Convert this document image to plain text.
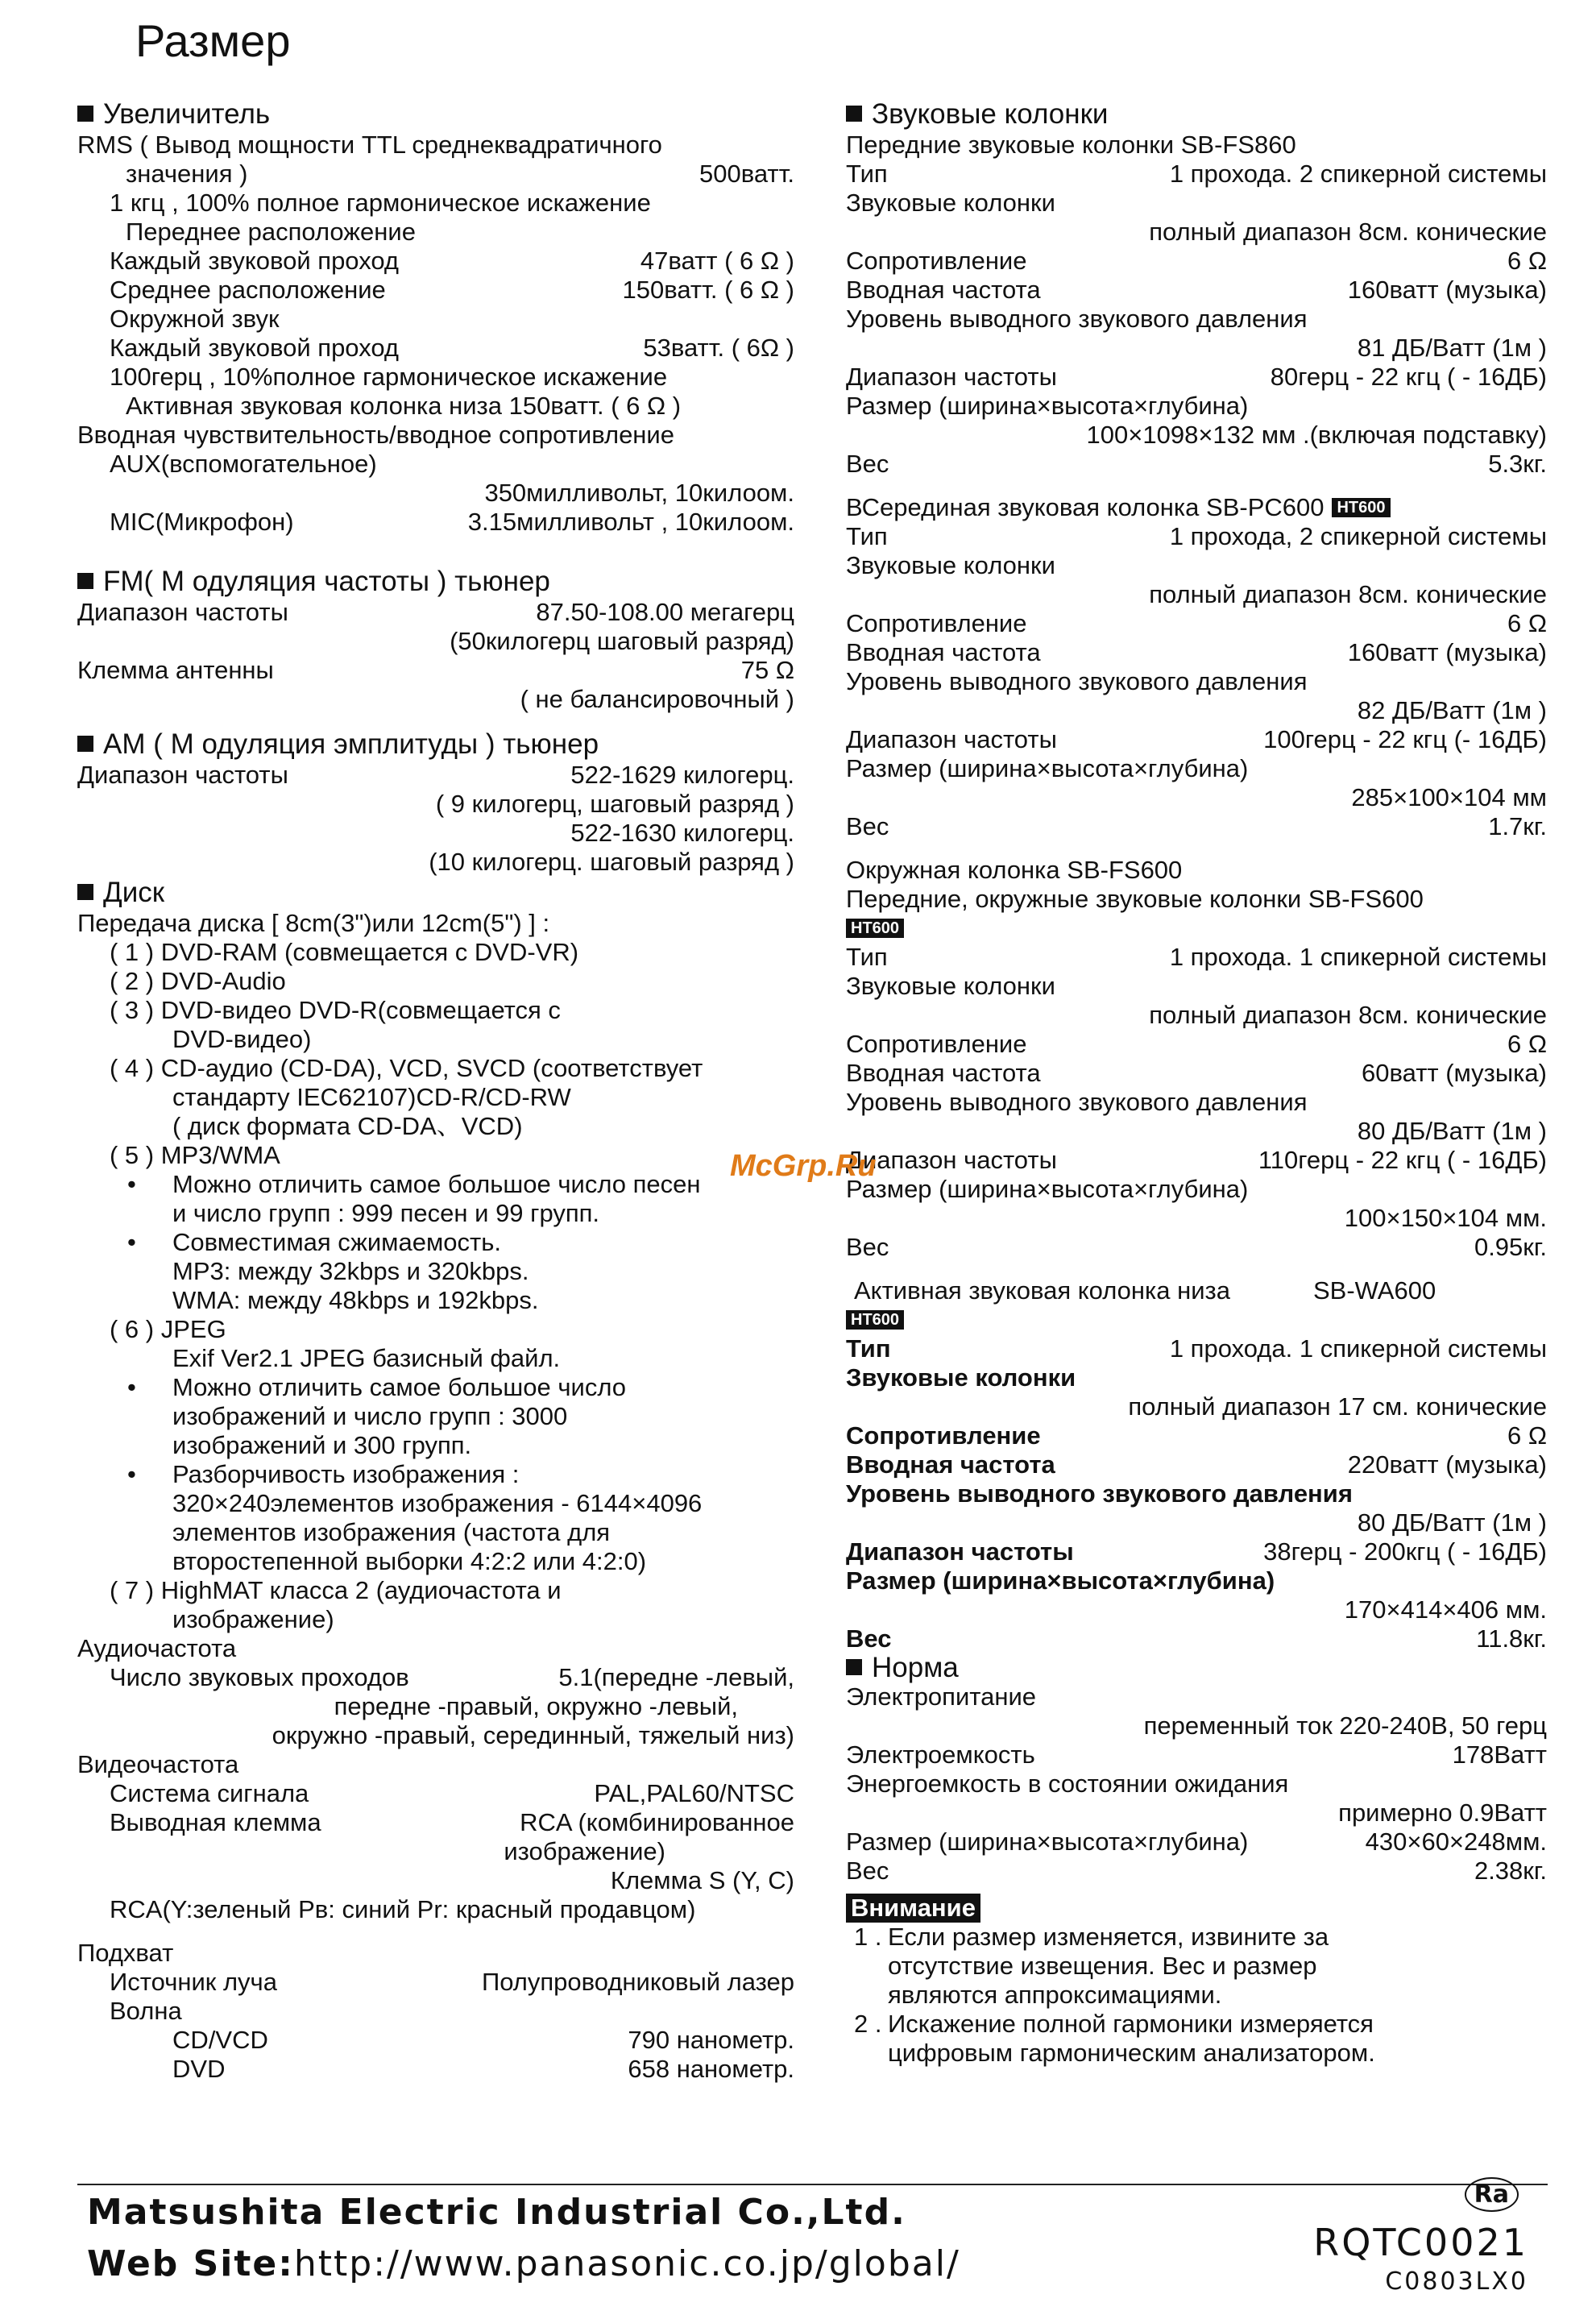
Размер
Увеличитель
RMS ( Вывод мощности TTL среднеквадратичного
значения )	500ватт.
1 кгц , 100% полное гармоническое искажение
Переднее расположение
Каждый звуковой проход	47ватт ( 6 Ω )
Среднее расположение	150ватт. ( 6 Ω )
Окружной звук
Каждый звуковой проход	53ватт. ( 6Ω )
100герц , 10%полное гармоническое искажение
Активная звуковая колонка низа 150ватт. ( 6 Ω )
Вводная чувствительность/вводное сопротивление
AUX(вспомогательное)
350милливольт, 10килоом.
MIC(Микрофон)	3.15милливольт , 10килоом.
FM( М одуляция частоты ) тьюнер
Диапазон частоты	87.50-108.00 мегагерц
(50килогерц шаговый разряд)
Клемма антенны	75 Ω
( не балансировочный )
AM ( М одуляция эмплитуды ) тьюнер
Диапазон частоты	522-1629 килогерц.
( 9 килогерц, шаговый разряд )
522-1630 килогерц.
(10 килогерц. шаговый разряд )
Диск
Передача диска [ 8cm(3")или 12cm(5") ] :
( 1 ) DVD-RAM (совмещается с DVD-VR)
( 2 ) DVD-Audio
( 3 ) DVD-видео DVD-R(совмещается с
DVD-видео)
( 4 ) CD-аудио (CD-DA), VCD, SVCD (соответствует
стандарту IEC62107)CD-R/CD-RW
( диск формата CD-DA、VCD)
( 5 ) MP3/WMA
• Можно отличить самое большое число песен
и число групп : 999 песен и 99 групп.
• Совместимая сжимаемость.
MP3: между 32kbps и 320kbps.
WMA: между 48kbps и 192kbps.
( 6 ) JPEG
Exif Ver2.1 JPEG базисный файл.
• Можно отличить самое большое число
изображений и число групп : 3000
изображений и 300 групп.
• Разборчивость изображения :
320×240элементов изображения - 6144×4096
элементов изображения (частота для
второстепенной выборки 4:2:2 или 4:2:0)
( 7 ) HighMAT класса 2 (аудиочастота и
изображение)
Аудиочастота
Число звуковых проходов	5.1(передне -левый,
передне -правый, окружно -левый,
окружно -правый, серединный, тяжелый низ)
Видеочастота
Система сигнала	PAL,PAL60/NTSC
Выводная клемма	RCA (комбинированное
изображение)
Клемма S (Y, C)
RCA(Y:зеленый Pв: синий Pr: красный продавцом)
Подхват
Источник луча	Полупроводниковый лазер
Волна
CD/VCD	790 нанометр.
DVD	658 нанометр.
Звуковые колонки
Передние звуковые колонки SB-FS860
Тип	1 прохода. 2 спикерной системы
Звуковые колонки
полный диапазон 8см. конические
Сопротивление	6 Ω
Вводная частота	160ватт (музыка)
Уровень выводного звукового давления
81 ДБ/Ватт (1м )
Диапазон частоты	80герц - 22 кгц ( - 16ДБ)
Размер (ширина×высота×глубина)
100×1098×132 мм .(включая подставку)
Вес	5.3кг.
ВСерединая звуковая колонка SB-PC600 HT600
Тип	1 прохода, 2 спикерной системы
Звуковые колонки
полный диапазон 8см. конические
Сопротивление	6 Ω
Вводная частота	160ватт (музыка)
Уровень выводного звукового давления
82 ДБ/Ватт (1м )
Диапазон частоты	100герц - 22 кгц (- 16ДБ)
Размер (ширина×высота×глубина)
285×100×104 мм
Вес	1.7кг.
Окружная колонка SB-FS600
Передние, окружные звуковые колонки SB-FS600
HT600
Тип	1 прохода. 1 спикерной системы
Звуковые колонки
полный диапазон 8см. конические
Сопротивление	6 Ω
Вводная частота	60ватт (музыка)
Уровень выводного звукового давления
80 ДБ/Ватт (1м )
Диапазон частоты	110герц - 22 кгц ( - 16ДБ)
Размер (ширина×высота×глубина)
100×150×104 мм.
Вес	0.95кг.
Активная звуковая колонка низа	SB-WA600
HT600
Тип	1 прохода. 1 спикерной системы
Звуковые колонки
полный диапазон 17 см. конические
Сопротивление	6 Ω
Вводная частота	220ватт (музыка)
Уровень выводного звукового давления
80 ДБ/Ватт (1м )
Диапазон частоты	38герц - 200кгц ( - 16ДБ)
Размер (ширина×высота×глубина)
170×414×406 мм.
Вес	11.8кг.
Норма
Электропитание
переменный ток 220-240В, 50 герц
Электроемкость	178Ватт
Энергоемкость в состоянии ожидания
примерно 0.9Ватт
Размер (ширина×высота×глубина)	430×60×248мм.
Вес	2.38кг.
Внимание
1 . Если размер изменяется, извините за
отсутствие извещения. Вес и размер
являются аппроксимациями.
2 . Искажение полной гармоники измеряется
цифровым гармоническим анализатором.
McGrp.Ru
Matsushita Electric Industrial Co.,Ltd.
Web Site:http://www.panasonic.co.jp/global/
Ra
RQTC0021
C0803LX0
